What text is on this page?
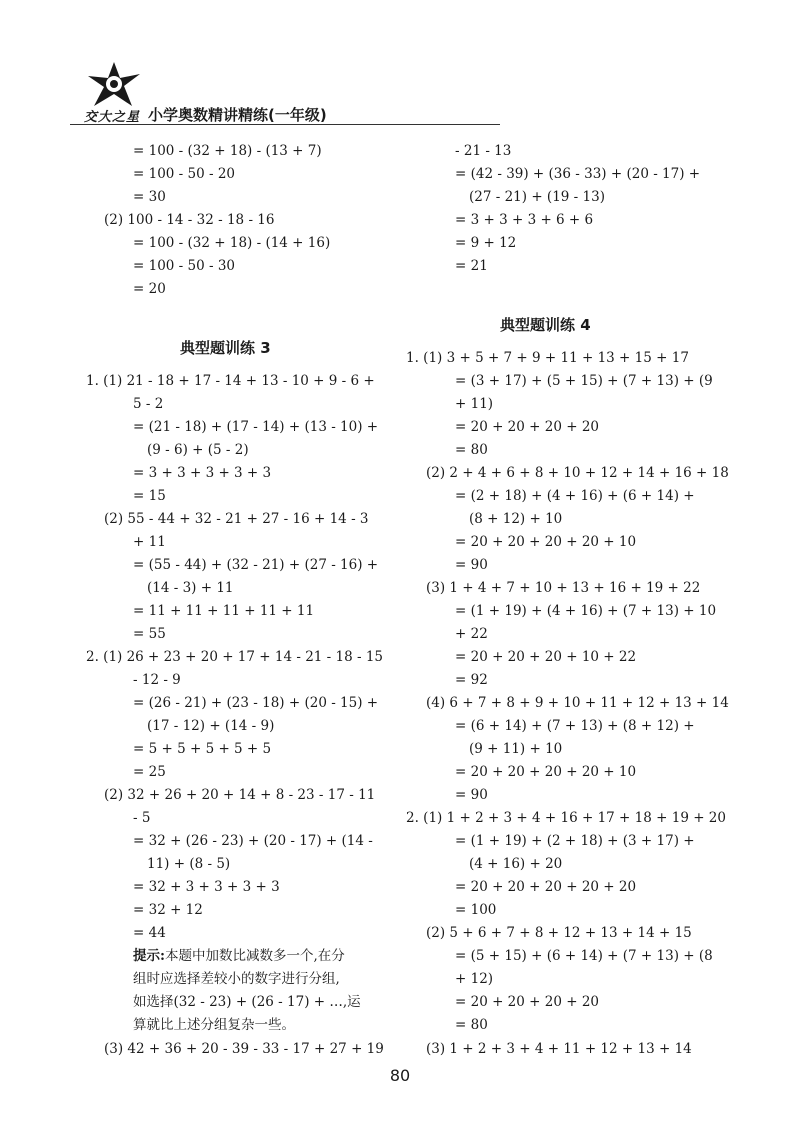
交大之星 小学奥数精讲精练(一年级)
= 100 - (32 + 18) - (13 + 7)
= 100 - 50 - 20
= 30
(2) 100 - 14 - 32 - 18 - 16
= 100 - (32 + 18) - (14 + 16)
= 100 - 50 - 30
= 20
- 21 - 13
= (42 - 39) + (36 - 33) + (20 - 17) +
(27 - 21) + (19 - 13)
= 3 + 3 + 3 + 6 + 6
= 9 + 12
= 21
典型题训练 3
典型题训练 4
1. (1) 21 - 18 + 17 - 14 + 13 - 10 + 9 - 6 +
5 - 2
= (21 - 18) + (17 - 14) + (13 - 10) +
(9 - 6) + (5 - 2)
= 3 + 3 + 3 + 3 + 3
= 15
(2) 55 - 44 + 32 - 21 + 27 - 16 + 14 - 3
+ 11
= (55 - 44) + (32 - 21) + (27 - 16) +
(14 - 3) + 11
= 11 + 11 + 11 + 11 + 11
= 55
2. (1) 26 + 23 + 20 + 17 + 14 - 21 - 18 - 15
- 12 - 9
= (26 - 21) + (23 - 18) + (20 - 15) +
(17 - 12) + (14 - 9)
= 5 + 5 + 5 + 5 + 5
= 25
(2) 32 + 26 + 20 + 14 + 8 - 23 - 17 - 11
- 5
= 32 + (26 - 23) + (20 - 17) + (14 -
11) + (8 - 5)
= 32 + 3 + 3 + 3 + 3
= 32 + 12
= 44
提示:本题中加数比减数多一个,在分
组时应选择差较小的数字进行分组,
如选择(32 - 23) + (26 - 17) + …,运
算就比上述分组复杂一些。
(3) 42 + 36 + 20 - 39 - 33 - 17 + 27 + 19
1. (1) 3 + 5 + 7 + 9 + 11 + 13 + 15 + 17
= (3 + 17) + (5 + 15) + (7 + 13) + (9
+ 11)
= 20 + 20 + 20 + 20
= 80
(2) 2 + 4 + 6 + 8 + 10 + 12 + 14 + 16 + 18
= (2 + 18) + (4 + 16) + (6 + 14) +
(8 + 12) + 10
= 20 + 20 + 20 + 20 + 10
= 90
(3) 1 + 4 + 7 + 10 + 13 + 16 + 19 + 22
= (1 + 19) + (4 + 16) + (7 + 13) + 10
+ 22
= 20 + 20 + 20 + 10 + 22
= 92
(4) 6 + 7 + 8 + 9 + 10 + 11 + 12 + 13 + 14
= (6 + 14) + (7 + 13) + (8 + 12) +
(9 + 11) + 10
= 20 + 20 + 20 + 20 + 10
= 90
2. (1) 1 + 2 + 3 + 4 + 16 + 17 + 18 + 19 + 20
= (1 + 19) + (2 + 18) + (3 + 17) +
(4 + 16) + 20
= 20 + 20 + 20 + 20 + 20
= 100
(2) 5 + 6 + 7 + 8 + 12 + 13 + 14 + 15
= (5 + 15) + (6 + 14) + (7 + 13) + (8
+ 12)
= 20 + 20 + 20 + 20
= 80
(3) 1 + 2 + 3 + 4 + 11 + 12 + 13 + 14
80
